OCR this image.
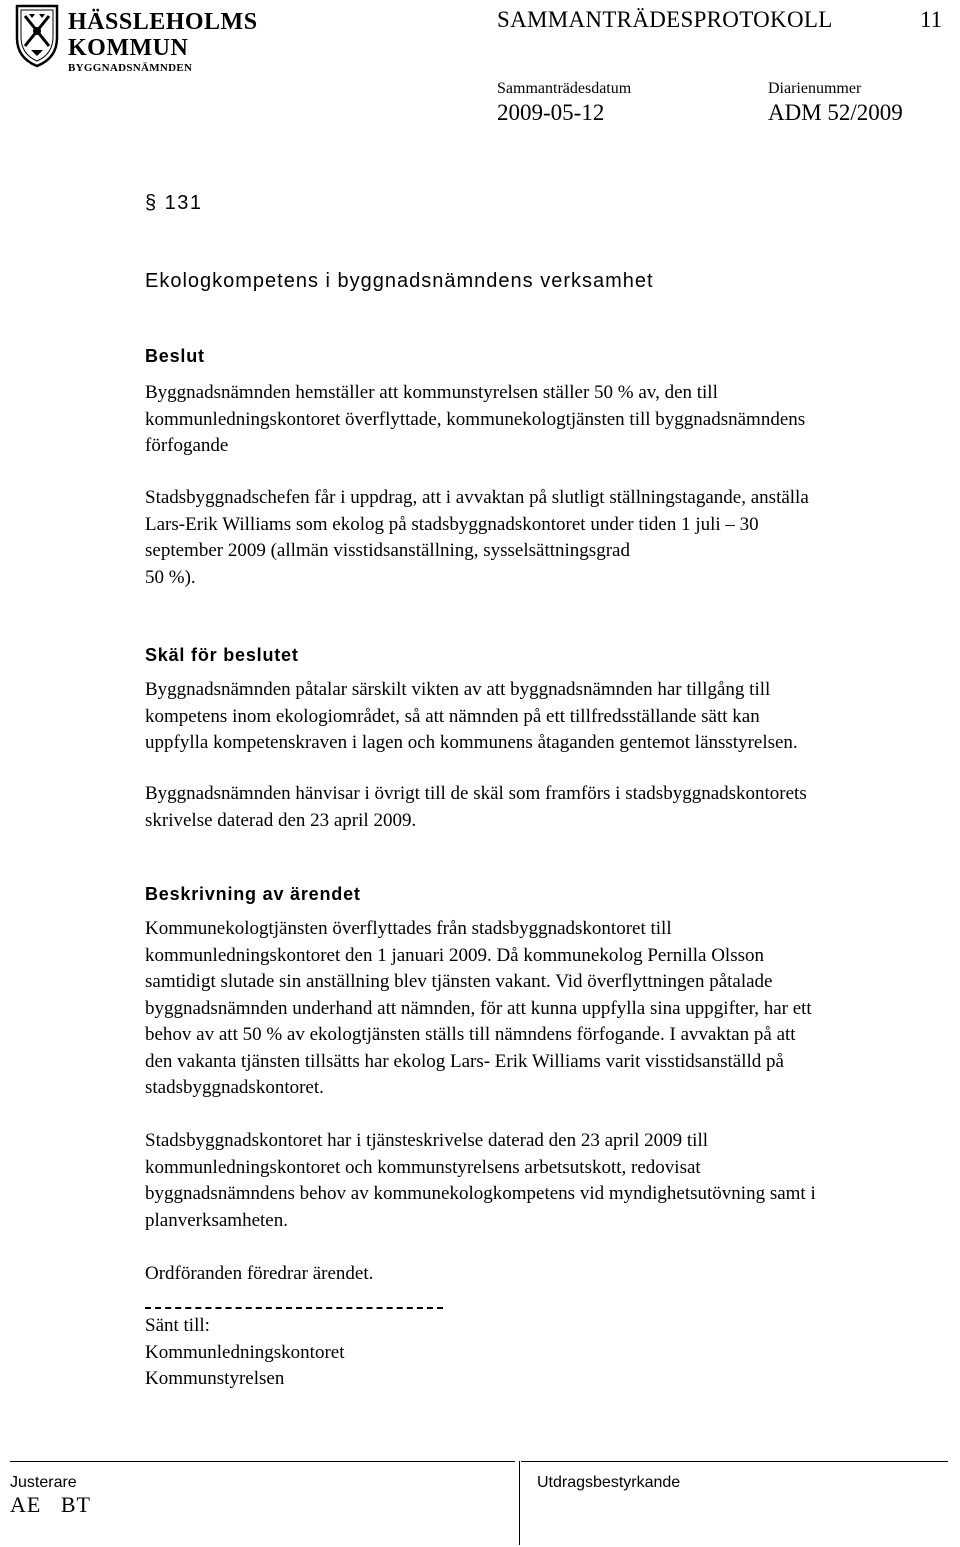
HÄSSLEHOLMS
KOMMUN
BYGGNADSNÄMNDEN
SAMMANTRÄDESPROTOKOLL	11
Sammanträdesdatum
2009-05-12
Diarienummer
ADM 52/2009
§ 131
Ekologkompetens i byggnadsnämndens verksamhet
Beslut

Byggnadsnämnden hemställer att kommunstyrelsen ställer 50 % av, den till
kommunledningskontoret överflyttade, kommunekologtjänsten till byggnadsnämndens
förfogande

Stadsbyggnadschefen får i uppdrag, att i avvaktan på slutligt ställningstagande, anställa
Lars-Erik Williams som ekolog på stadsbyggnadskontoret under tiden 1 juli – 30
september 2009 (allmän visstidsanställning, sysselsättningsgrad
50 %).

Skäl för beslutet

Byggnadsnämnden påtalar särskilt vikten av att byggnadsnämnden har tillgång till
kompetens inom ekologiområdet, så att nämnden på ett tillfredsställande sätt kan
uppfylla kompetenskraven i lagen och kommunens åtaganden gentemot länsstyrelsen.

Byggnadsnämnden hänvisar i övrigt till de skäl som framförs i stadsbyggnadskontorets
skrivelse daterad den 23 april 2009.

Beskrivning av ärendet

Kommunekologtjänsten överflyttades från stadsbyggnadskontoret till
kommunledningskontoret den 1 januari 2009. Då kommunekolog Pernilla Olsson
samtidigt slutade sin anställning blev tjänsten vakant. Vid överflyttningen påtalade
byggnadsnämnden underhand att nämnden, för att kunna uppfylla sina uppgifter, har ett
behov av att 50 % av ekologtjänsten ställs till nämndens förfogande. I avvaktan på att
den vakanta tjänsten tillsätts har ekolog Lars- Erik Williams varit visstidsanställd på
stadsbyggnadskontoret.

Stadsbyggnadskontoret har i tjänsteskrivelse daterad den 23 april 2009 till
kommunledningskontoret och kommunstyrelsens arbetsutskott, redovisat
byggnadsnämndens behov av kommunekologkompetens vid myndighetsutövning samt i
planverksamheten.

Ordföranden föredrar ärendet.

Sänt till:
Kommunledningskontoret
Kommunstyrelsen

Justerare
AE   BT
Utdragsbestyrkande
